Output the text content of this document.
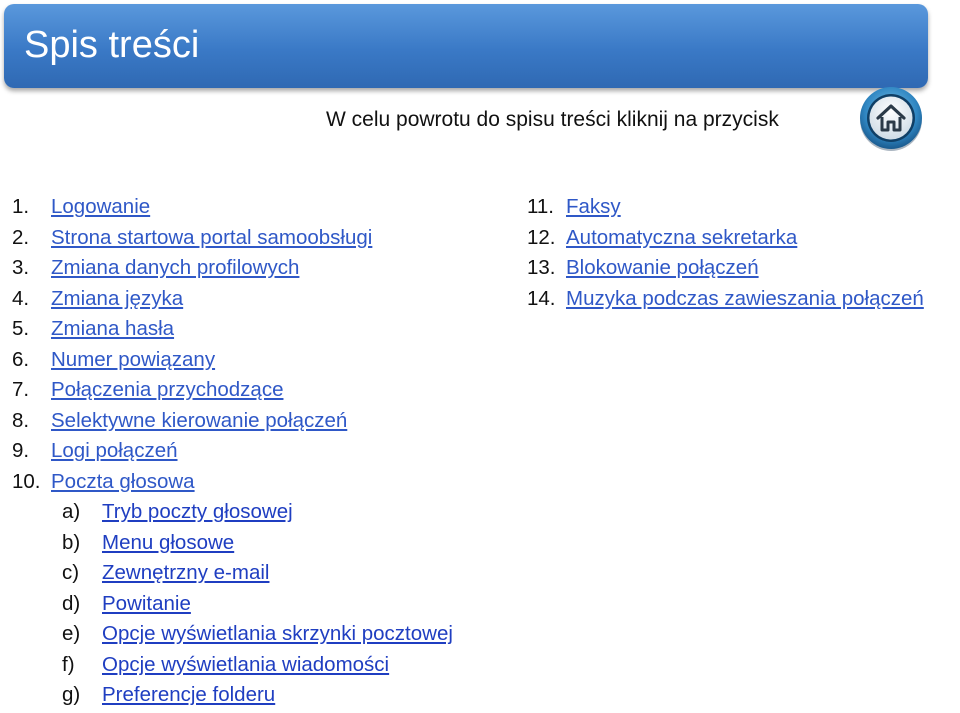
Spis treści
W celu powrotu do spisu treści kliknij na przycisk
1. Logowanie
2. Strona startowa portal samoobsługi
3. Zmiana danych profilowych
4. Zmiana języka
5. Zmiana hasła
6. Numer powiązany
7. Połączenia przychodzące
8. Selektywne kierowanie połączeń
9. Logi połączeń
10. Poczta głosowa
a) Tryb poczty głosowej
b) Menu głosowe
c) Zewnętrzny e-mail
d) Powitanie
e) Opcje wyświetlania skrzynki pocztowej
f) Opcje wyświetlania wiadomości
g) Preferencje folderu
11. Faksy
12. Automatyczna sekretarka
13. Blokowanie połączeń
14. Muzyka podczas zawieszania połączeń
